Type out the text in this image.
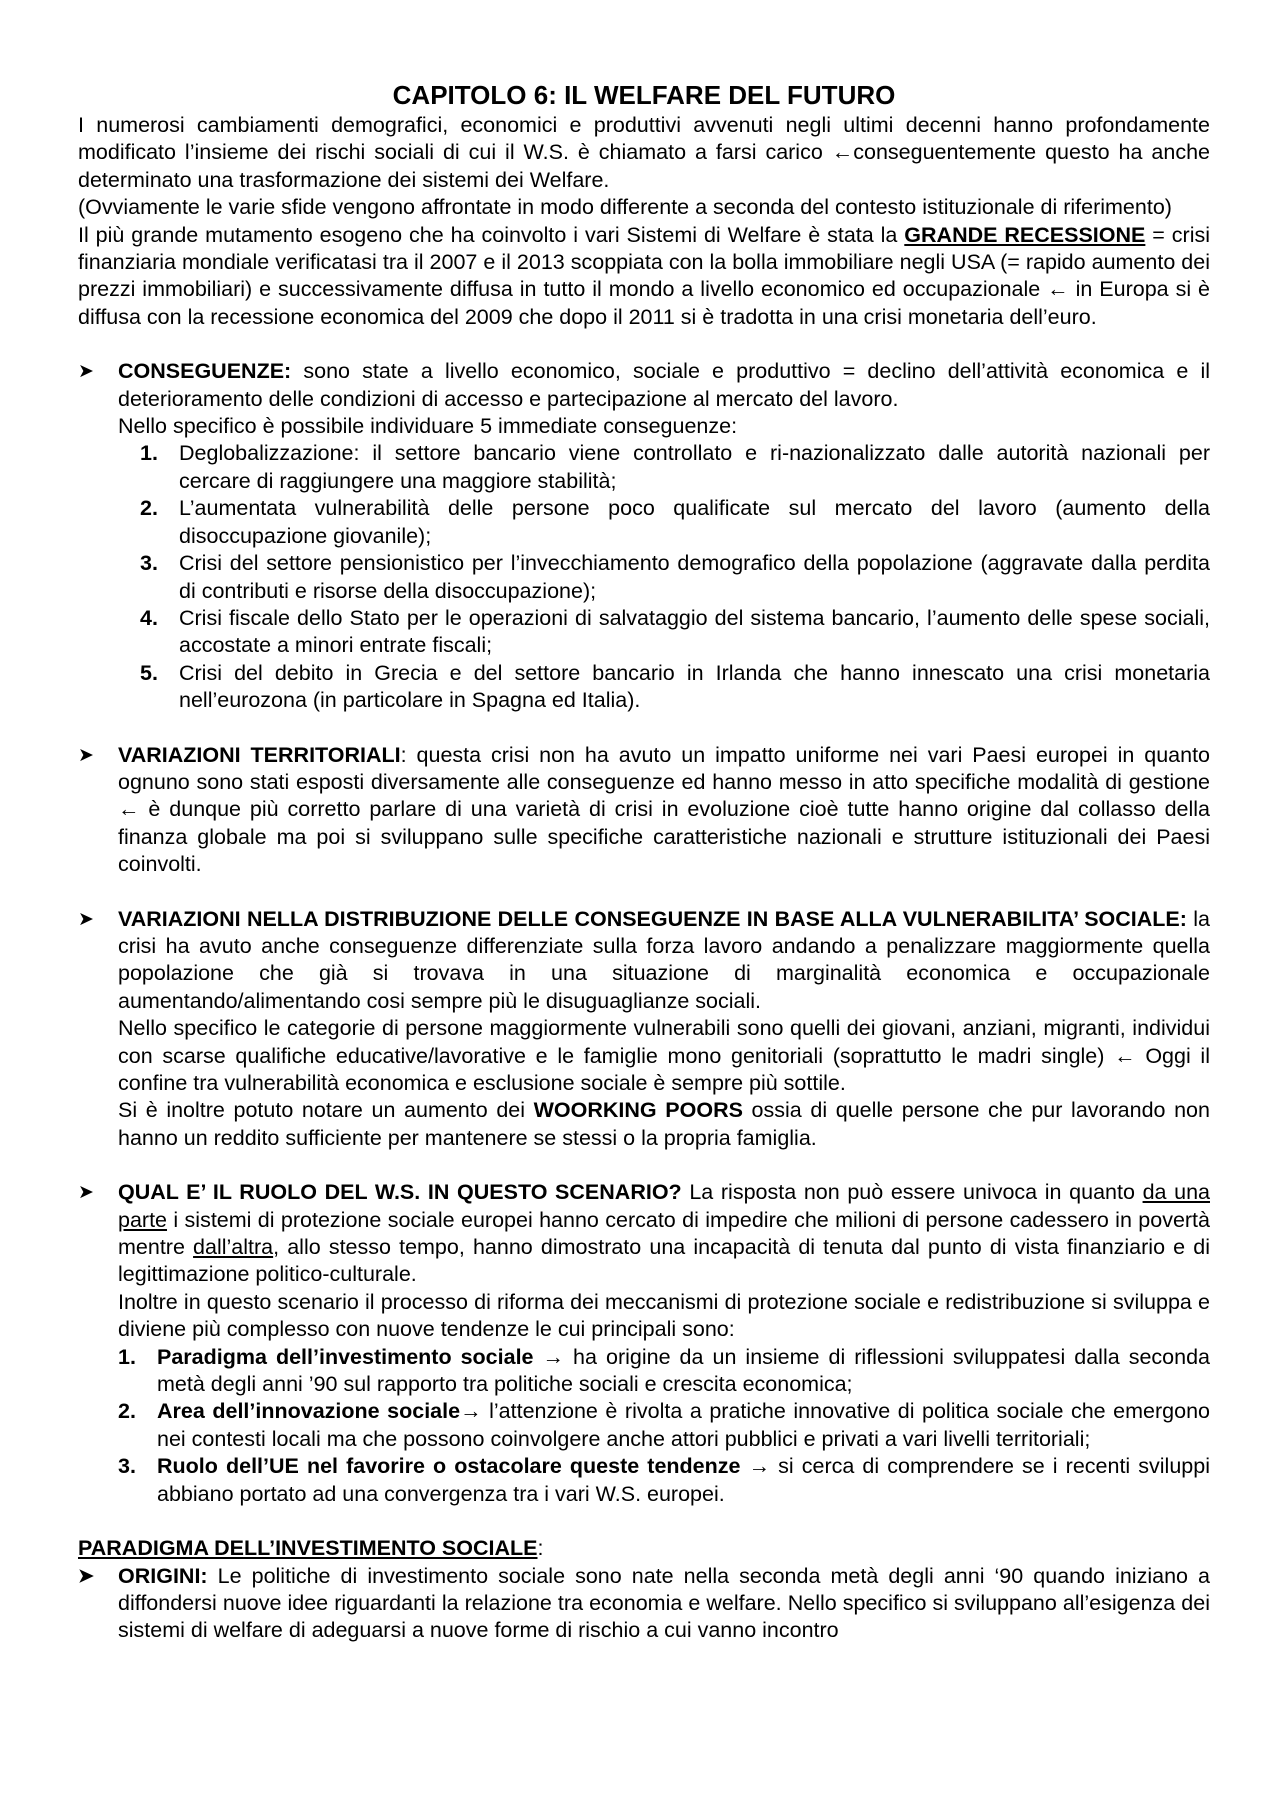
CAPITOLO 6: IL WELFARE DEL FUTURO

I numerosi cambiamenti demografici, economici e produttivi avvenuti negli ultimi decenni hanno profondamente modificato l’insieme dei rischi sociali di cui il W.S. è chiamato a farsi carico ←conseguentemente questo ha anche determinato una trasformazione dei sistemi dei Welfare.

(Ovviamente le varie sfide vengono affrontate in modo differente a seconda del contesto istituzionale di riferimento)

Il più grande mutamento esogeno che ha coinvolto i vari Sistemi di Welfare è stata la GRANDE RECESSIONE = crisi finanziaria mondiale verificatasi tra il 2007 e il 2013 scoppiata con la bolla immobiliare negli USA (= rapido aumento dei prezzi immobiliari) e successivamente diffusa in tutto il mondo a livello economico ed occupazionale ← in Europa si è diffusa con la recessione economica del 2009 che dopo il 2011 si è tradotta in una crisi monetaria dell’euro.

➤	CONSEGUENZE: sono state a livello economico, sociale e produttivo = declino dell’attività economica e il deterioramento delle condizioni di accesso e partecipazione al mercato del lavoro.

Nello specifico è possibile individuare 5 immediate conseguenze:

1. Deglobalizzazione: il settore bancario viene controllato e ri-nazionalizzato dalle autorità nazionali per cercare di raggiungere una maggiore stabilità;
2. L’aumentata vulnerabilità delle persone poco qualificate sul mercato del lavoro (aumento della disoccupazione giovanile);
3. Crisi del settore pensionistico per l’invecchiamento demografico della popolazione (aggravate dalla perdita di contributi e risorse della disoccupazione);
4. Crisi fiscale dello Stato per le operazioni di salvataggio del sistema bancario, l’aumento delle spese sociali, accostate a minori entrate fiscali;
5. Crisi del debito in Grecia e del settore bancario in Irlanda che hanno innescato una crisi monetaria nell’eurozona (in particolare in Spagna ed Italia).
➤	VARIAZIONI TERRITORIALI: questa crisi non ha avuto un impatto uniforme nei vari Paesi europei in quanto ognuno sono stati esposti diversamente alle conseguenze ed hanno messo in atto specifiche modalità di gestione ← è dunque più corretto parlare di una varietà di crisi in evoluzione cioè tutte hanno origine dal collasso della finanza globale ma poi si sviluppano sulle specifiche caratteristiche nazionali e strutture istituzionali dei Paesi coinvolti.

➤	VARIAZIONI NELLA DISTRIBUZIONE DELLE CONSEGUENZE IN BASE ALLA VULNERABILITA’ SOCIALE: la crisi ha avuto anche conseguenze differenziate sulla forza lavoro andando a penalizzare maggiormente quella popolazione che già si trovava in una situazione di marginalità economica e occupazionale aumentando/alimentando cosi sempre più le disuguaglianze sociali.

Nello specifico le categorie di persone maggiormente vulnerabili sono quelli dei giovani, anziani, migranti, individui con scarse qualifiche educative/lavorative e le famiglie mono genitoriali (soprattutto le madri single) ← Oggi il confine tra vulnerabilità economica e esclusione sociale è sempre più sottile.

Si è inoltre potuto notare un aumento dei WOORKING POORS ossia di quelle persone che pur lavorando non hanno un reddito sufficiente per mantenere se stessi o la propria famiglia.

➤	QUAL E’ IL RUOLO DEL W.S. IN QUESTO SCENARIO? La risposta non può essere univoca in quanto da una parte i sistemi di protezione sociale europei hanno cercato di impedire che milioni di persone cadessero in povertà mentre dall’altra, allo stesso tempo, hanno dimostrato una incapacità di tenuta dal punto di vista finanziario e di legittimazione politico-culturale.

Inoltre in questo scenario il processo di riforma dei meccanismi di protezione sociale e redistribuzione si sviluppa e diviene più complesso con nuove tendenze le cui principali sono:

1. Paradigma dell’investimento sociale → ha origine da un insieme di riflessioni sviluppatesi dalla seconda metà degli anni ’90 sul rapporto tra politiche sociali e crescita economica;
2. Area dell’innovazione sociale→ l’attenzione è rivolta a pratiche innovative di politica sociale che emergono nei contesti locali ma che possono coinvolgere anche attori pubblici e privati a vari livelli territoriali;
3. Ruolo dell’UE nel favorire o ostacolare queste tendenze → si cerca di comprendere se i recenti sviluppi abbiano portato ad una convergenza tra i vari W.S. europei.

PARADIGMA DELL’INVESTIMENTO SOCIALE:

➤	ORIGINI: Le politiche di investimento sociale sono nate nella seconda metà degli anni ‘90 quando iniziano a diffondersi nuove idee riguardanti la relazione tra economia e welfare. Nello specifico si sviluppano all’esigenza dei sistemi di welfare di adeguarsi a nuove forme di rischio a cui vanno incontro
